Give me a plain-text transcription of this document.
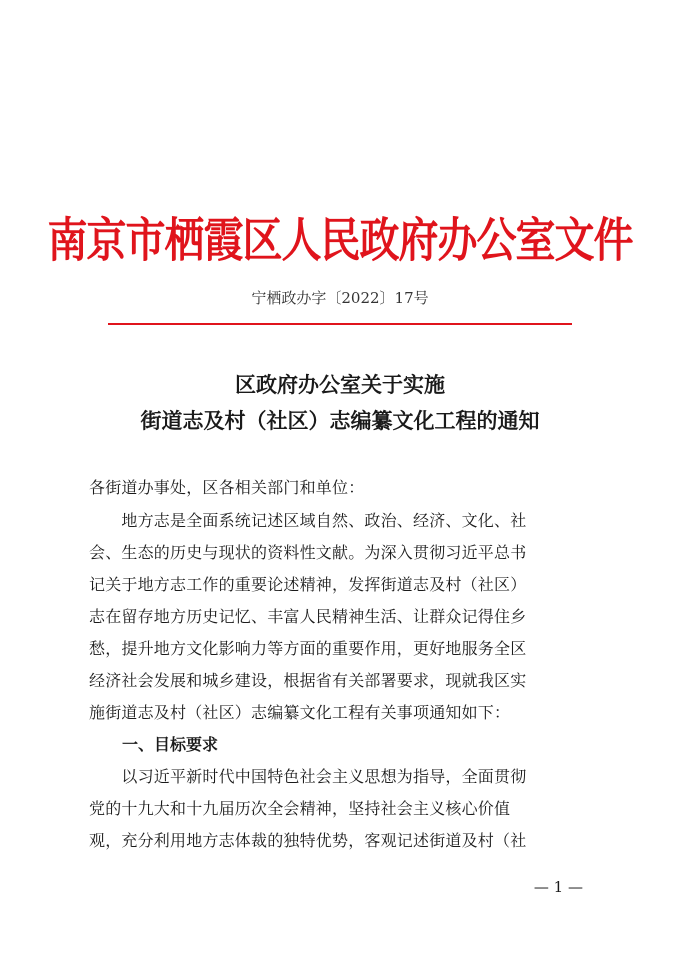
南京市栖霞区人民政府办公室文件
宁栖政办字〔2022〕17号
区政府办公室关于实施
街道志及村（社区）志编纂文化工程的通知
各街道办事处，区各相关部门和单位：
　　地方志是全面系统记述区域自然、政治、经济、文化、社
会、生态的历史与现状的资料性文献。为深入贯彻习近平总书
记关于地方志工作的重要论述精神，发挥街道志及村（社区）
志在留存地方历史记忆、丰富人民精神生活、让群众记得住乡
愁，提升地方文化影响力等方面的重要作用，更好地服务全区
经济社会发展和城乡建设，根据省有关部署要求，现就我区实
施街道志及村（社区）志编纂文化工程有关事项通知如下：
一、目标要求
　　以习近平新时代中国特色社会主义思想为指导，全面贯彻
党的十九大和十九届历次全会精神，坚持社会主义核心价值
观，充分利用地方志体裁的独特优势，客观记述街道及村（社
— 1 —
